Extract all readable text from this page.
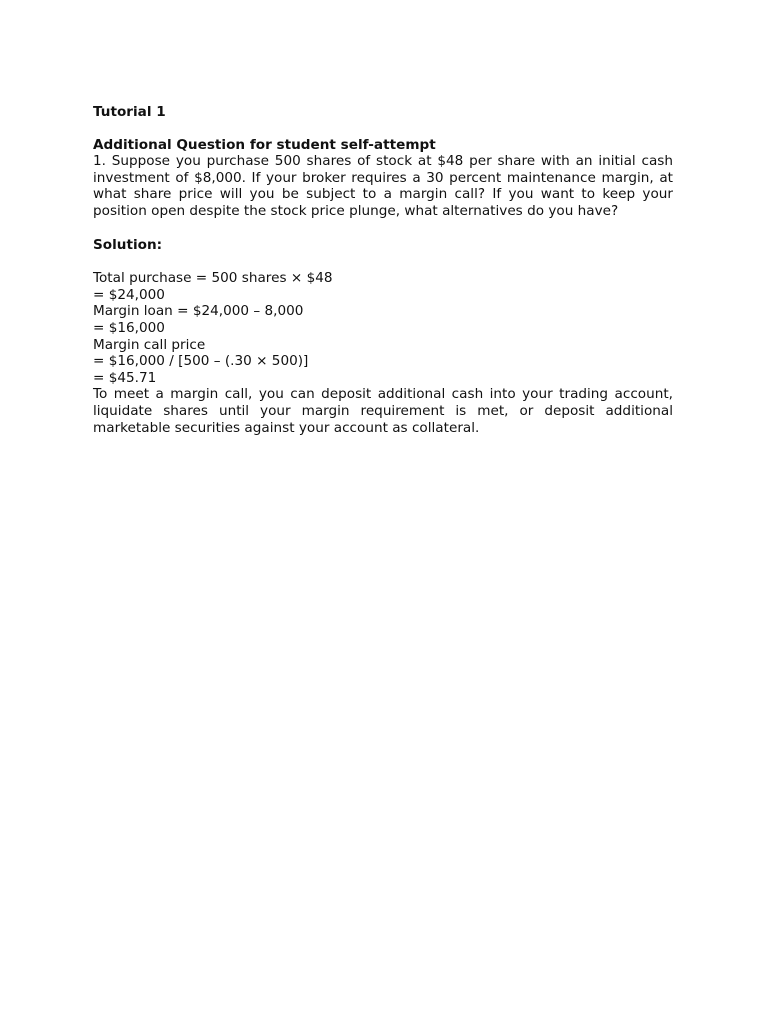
Tutorial 1

Additional Question for student self-attempt

1. Suppose you purchase 500 shares of stock at $48 per share with an initial cash investment of $8,000. If your broker requires a 30 percent maintenance margin, at what share price will you be subject to a margin call? If you want to keep your position open despite the stock price plunge, what alternatives do you have?

Solution:

Total purchase = 500 shares × $48

= $24,000

Margin loan = $24,000 – 8,000

= $16,000

Margin call price

= $16,000 / [500 – (.30 × 500)]

= $45.71

To meet a margin call, you can deposit additional cash into your trading account, liquidate shares until your margin requirement is met, or deposit additional marketable securities against your account as collateral.
